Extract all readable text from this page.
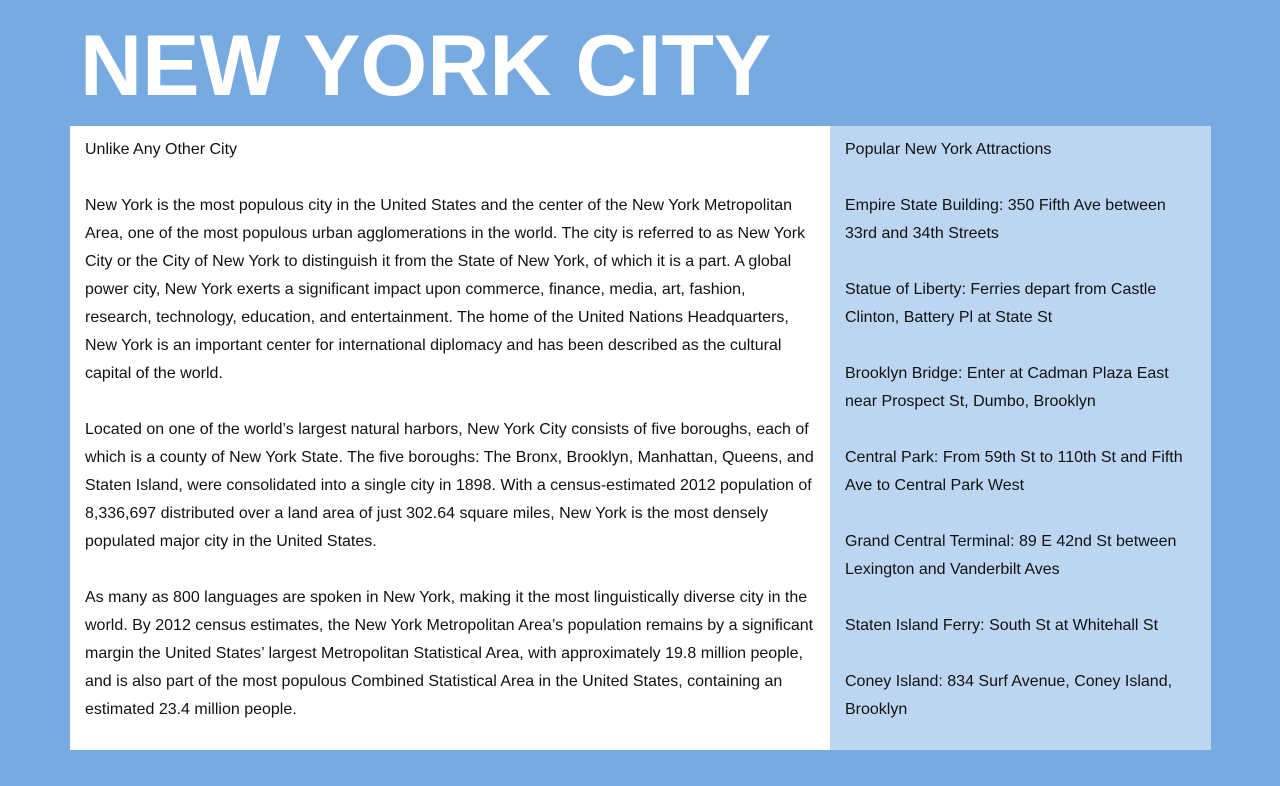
NEW YORK CITY
Unlike Any Other City

New York is the most populous city in the United States and the center of the New York Metropolitan Area, one of the most populous urban agglomerations in the world. The city is referred to as New York City or the City of New York to distinguish it from the State of New York, of which it is a part. A global power city, New York exerts a significant impact upon commerce, finance, media, art, fashion, research, technology, education, and entertainment. The home of the United Nations Headquarters, New York is an important center for international diplomacy and has been described as the cultural capital of the world.

Located on one of the world’s largest natural harbors, New York City consists of five boroughs, each of which is a county of New York State. The five boroughs: The Bronx, Brooklyn, Manhattan, Queens, and Staten Island, were consolidated into a single city in 1898. With a census-estimated 2012 population of 8,336,697 distributed over a land area of just 302.64 square miles, New York is the most densely populated major city in the United States.

As many as 800 languages are spoken in New York, making it the most linguistically diverse city in the world. By 2012 census estimates, the New York Metropolitan Area’s population remains by a significant margin the United States’ largest Metropolitan Statistical Area, with approximately 19.8 million people, and is also part of the most populous Combined Statistical Area in the United States, containing an estimated 23.4 million people.

Popular New York Attractions
Empire State Building: 350 Fifth Ave between 33rd and 34th Streets
Statue of Liberty: Ferries depart from Castle Clinton, Battery Pl at State St
Brooklyn Bridge: Enter at Cadman Plaza East near Prospect St, Dumbo, Brooklyn
Central Park: From 59th St to 110th St and Fifth Ave to Central Park West
Grand Central Terminal: 89 E 42nd St between Lexington and Vanderbilt Aves
Staten Island Ferry: South St at Whitehall St
Coney Island: 834 Surf Avenue, Coney Island, Brooklyn
